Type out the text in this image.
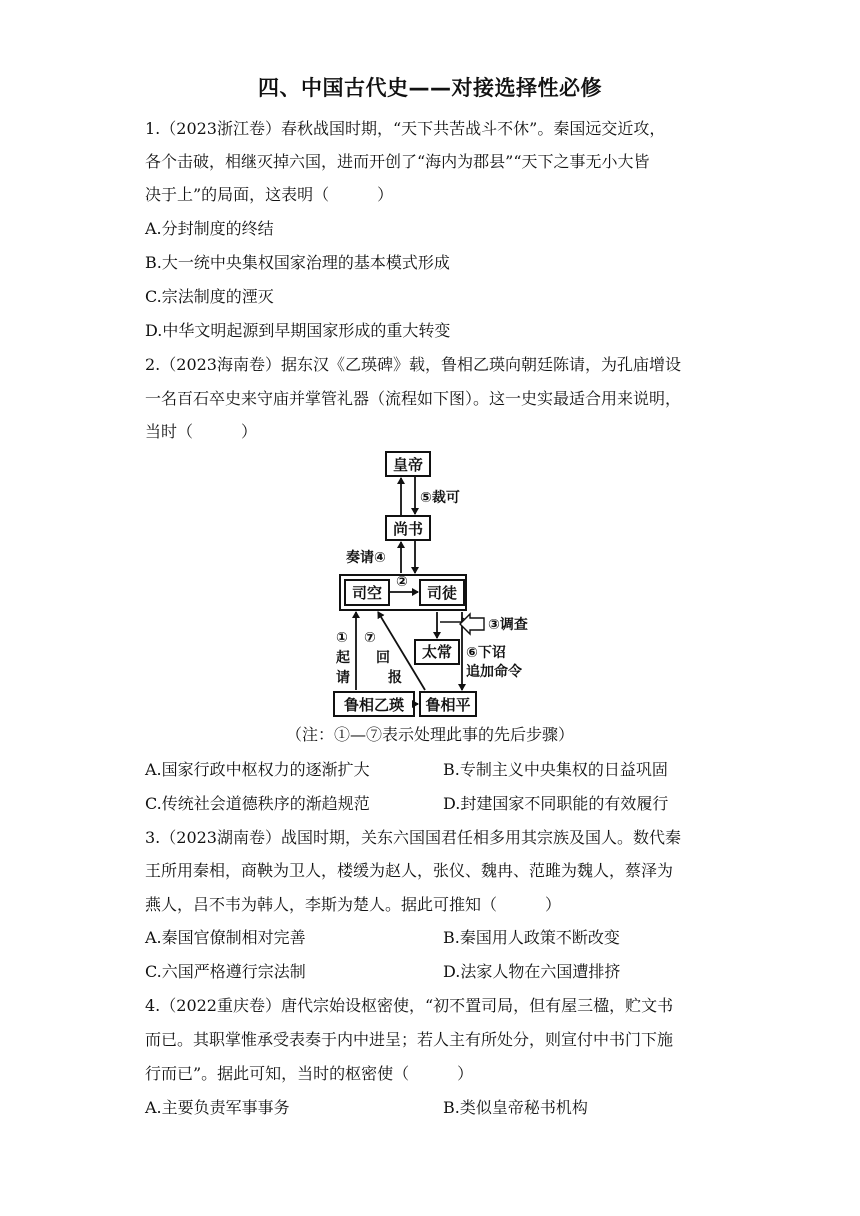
四、中国古代史——对接选择性必修
1.（2023浙江卷）春秋战国时期，“天下共苦战斗不休”。秦国远交近攻，
各个击破，相继灭掉六国，进而开创了“海内为郡县”“天下之事无小大皆
决于上”的局面，这表明（　　　）
A.分封制度的终结
B.大一统中央集权国家治理的基本模式形成
C.宗法制度的湮灭
D.中华文明起源到早期国家形成的重大转变
2.（2023海南卷）据东汉《乙瑛碑》载，鲁相乙瑛向朝廷陈请，为孔庙增设
一名百石卒史来守庙并掌管礼器（流程如下图）。这一史实最适合用来说明，
当时（　　　）
皇帝
尚书
司空	司徒
太常
鲁相乙瑛 鲁相平
⑤裁可
奏请④
②
③调查
①
起
请
⑦
回
报
⑥下诏
追加命令
（注：①—⑦表示处理此事的先后步骤）
A.国家行政中枢权力的逐渐扩大	B.专制主义中央集权的日益巩固
C.传统社会道德秩序的渐趋规范	D.封建国家不同职能的有效履行
3.（2023湖南卷）战国时期，关东六国国君任相多用其宗族及国人。数代秦
王所用秦相，商鞅为卫人，楼缓为赵人，张仪、魏冉、范雎为魏人，蔡泽为
燕人，吕不韦为韩人，李斯为楚人。据此可推知（　　　）
A.秦国官僚制相对完善	B.秦国用人政策不断改变
C.六国严格遵行宗法制	D.法家人物在六国遭排挤
4.（2022重庆卷）唐代宗始设枢密使，“初不置司局，但有屋三楹，贮文书
而已。其职掌惟承受表奏于内中进呈；若人主有所处分，则宣付中书门下施
行而已”。据此可知，当时的枢密使（　　　）
A.主要负责军事事务	B.类似皇帝秘书机构
